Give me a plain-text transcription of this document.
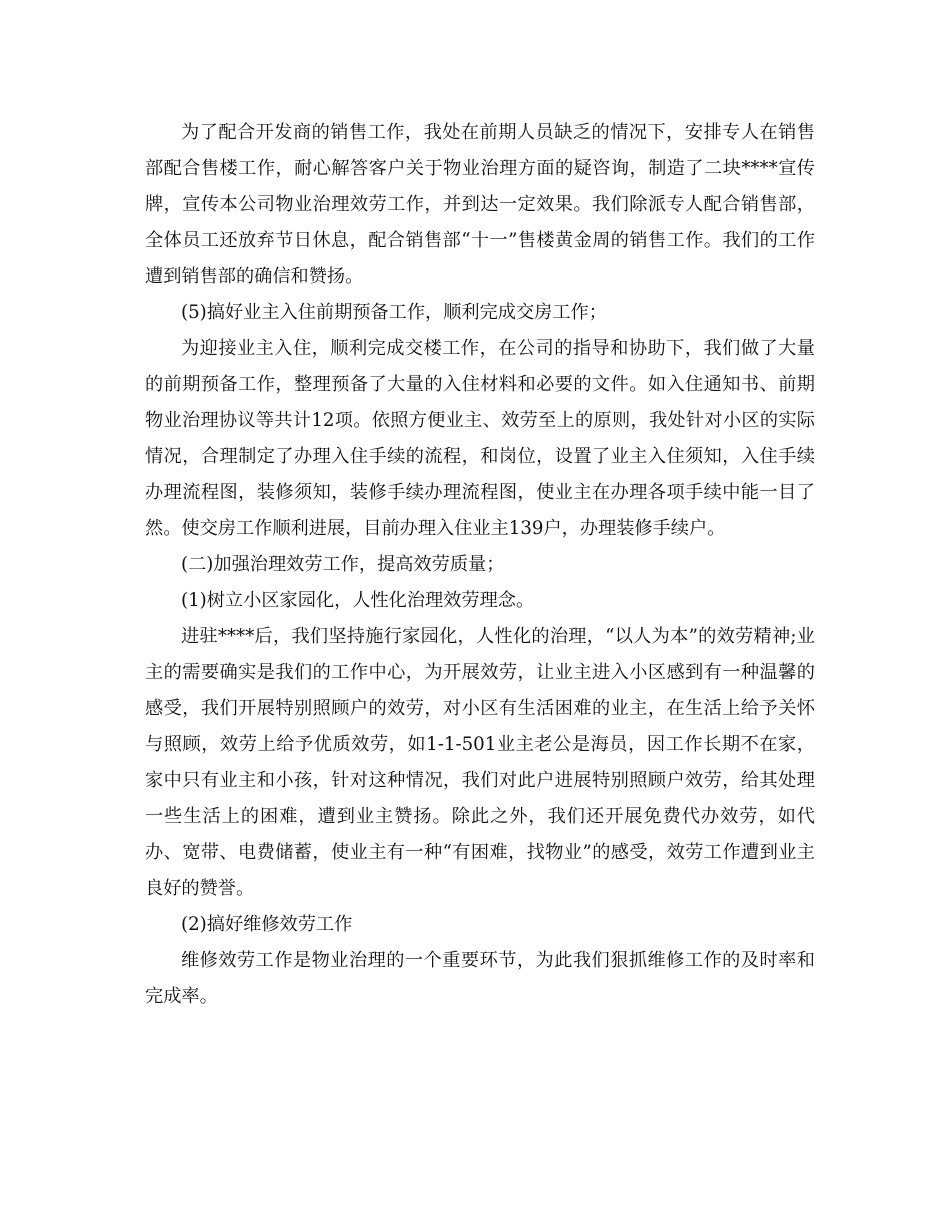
为了配合开发商的销售工作，我处在前期人员缺乏的情况下，安排专人在销售部配合售楼工作，耐心解答客户关于物业治理方面的疑咨询，制造了二块****宣传牌，宣传本公司物业治理效劳工作，并到达一定效果。我们除派专人配合销售部，全体员工还放弃节日休息，配合销售部“十一”售楼黄金周的销售工作。我们的工作遭到销售部的确信和赞扬。

(5)搞好业主入住前期预备工作，顺利完成交房工作；

为迎接业主入住，顺利完成交楼工作，在公司的指导和协助下，我们做了大量的前期预备工作，整理预备了大量的入住材料和必要的文件。如入住通知书、前期物业治理协议等共计12项。依照方便业主、效劳至上的原则，我处针对小区的实际情况，合理制定了办理入住手续的流程，和岗位，设置了业主入住须知，入住手续办理流程图，装修须知，装修手续办理流程图，使业主在办理各项手续中能一目了然。使交房工作顺利进展，目前办理入住业主139户，办理装修手续户。

(二)加强治理效劳工作，提高效劳质量；

(1)树立小区家园化，人性化治理效劳理念。

进驻****后，我们坚持施行家园化，人性化的治理，“以人为本”的效劳精神;业主的需要确实是我们的工作中心，为开展效劳，让业主进入小区感到有一种温馨的感受，我们开展特别照顾户的效劳，对小区有生活困难的业主，在生活上给予关怀与照顾，效劳上给予优质效劳，如1-1-501业主老公是海员，因工作长期不在家，家中只有业主和小孩，针对这种情况，我们对此户进展特别照顾户效劳，给其处理一些生活上的困难，遭到业主赞扬。除此之外，我们还开展免费代办效劳，如代办、宽带、电费储蓄，使业主有一种“有困难，找物业”的感受，效劳工作遭到业主良好的赞誉。

(2)搞好维修效劳工作

维修效劳工作是物业治理的一个重要环节，为此我们狠抓维修工作的及时率和完成率。
